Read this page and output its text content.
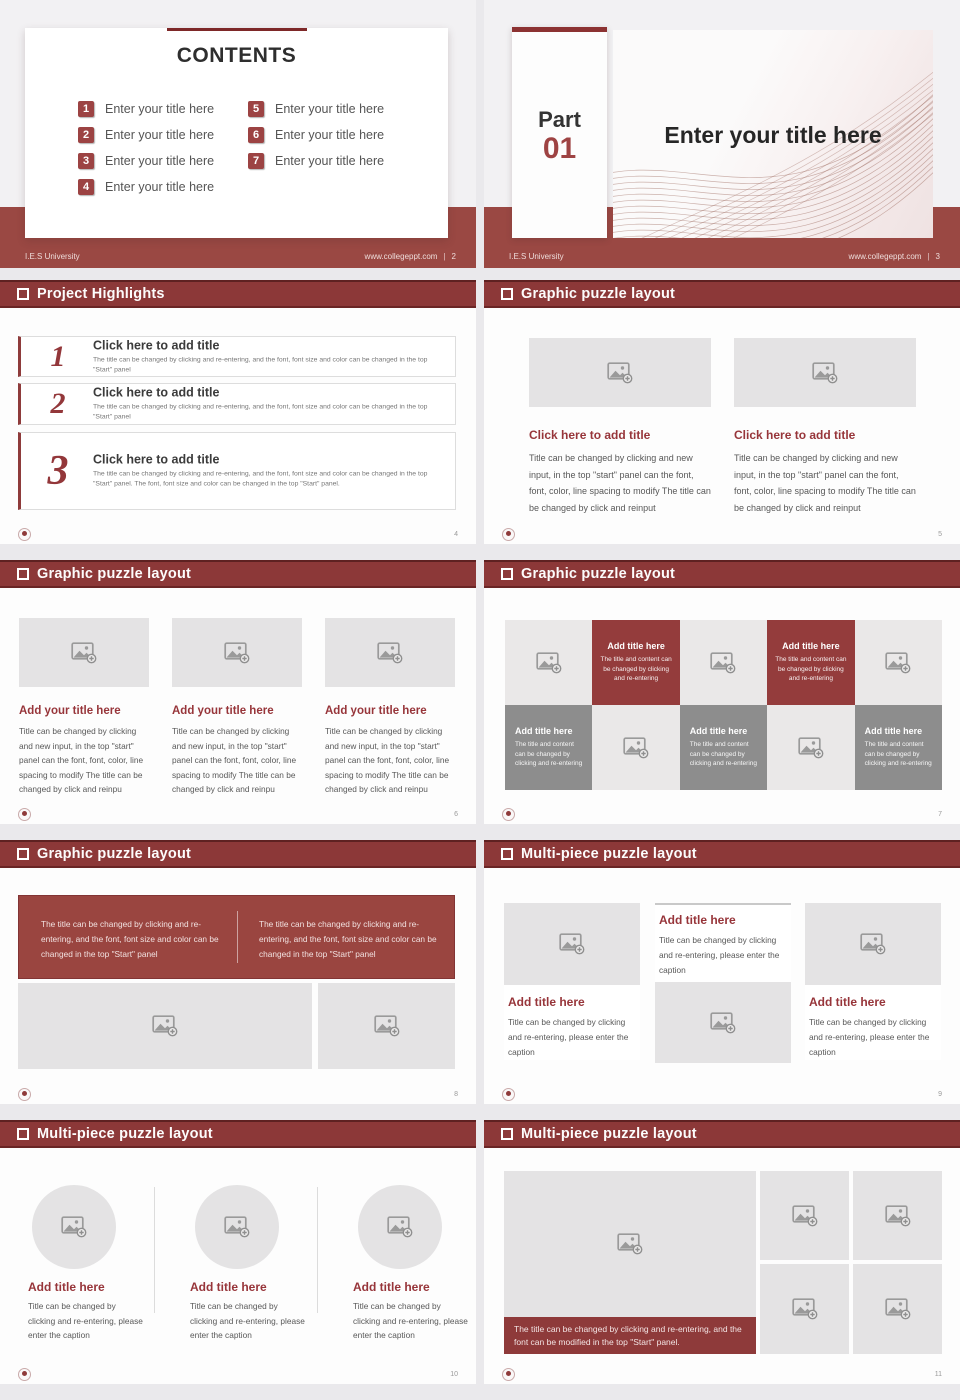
I.E.S University	www.collegeppt.com | 2
CONTENTS
1	Enter your title here
2	Enter your title here
3	Enter your title here
4	Enter your title here
5	Enter your title here
6	Enter your title here
7	Enter your title here
I.E.S University	www.collegeppt.com | 3
Enter your title here
Part
01
Project Highlights
1	Click here to add title
The title can be changed by clicking and re-entering, and the font, font size and color can be changed in the top "Start" panel
2	Click here to add title
The title can be changed by clicking and re-entering, and the font, font size and color can be changed in the top "Start" panel
3	Click here to add title
The title can be changed by clicking and re-entering, and the font, font size and color can be changed in the top "Start" panel. The font, font size and color can be changed in the top "Start" panel.
4
Graphic puzzle layout
Click here to add title
Title can be changed by clicking and new input, in the top "start" panel can the font, font, color, line spacing to modify The title can be changed by click and reinput
Click here to add title
Title can be changed by clicking and new input, in the top "start" panel can the font, font, color, line spacing to modify The title can be changed by click and reinput
5
Graphic puzzle layout
Add your title here
Title can be changed by clicking and new input, in the top "start" panel can the font, font, color, line spacing to modify The title can be changed by click and reinpu
Add your title here
Title can be changed by clicking and new input, in the top "start" panel can the font, font, color, line spacing to modify The title can be changed by click and reinpu
Add your title here
Title can be changed by clicking and new input, in the top "start" panel can the font, font, color, line spacing to modify The title can be changed by click and reinpu
6
Graphic puzzle layout
Add title here
The title and content can be changed by clicking and re-entering
Add title here
The title and content can be changed by clicking and re-entering
Add title here
The title and content can be changed by clicking and re-entering
Add title here
The title and content can be changed by clicking and re-entering
Add title here
The title and content can be changed by clicking and re-entering
7
Graphic puzzle layout
The title can be changed by clicking and re-entering, and the font, font size and color can be changed in the top "Start" panel
The title can be changed by clicking and re-entering, and the font, font size and color can be changed in the top "Start" panel
8
Multi-piece puzzle layout
Add title here
Title can be changed by clicking and re-entering, please enter the caption
Add title here
Title can be changed by clicking and re-entering, please enter the caption
Add title here
Title can be changed by clicking and re-entering, please enter the caption
9
Multi-piece puzzle layout
Add title here
Title can be changed by clicking and re-entering, please enter the caption
Add title here
Title can be changed by clicking and re-entering, please enter the caption
Add title here
Title can be changed by clicking and re-entering, please enter the caption
10
Multi-piece puzzle layout
The title can be changed by clicking and re-entering, and the font can be modified in the top "Start" panel.
11
